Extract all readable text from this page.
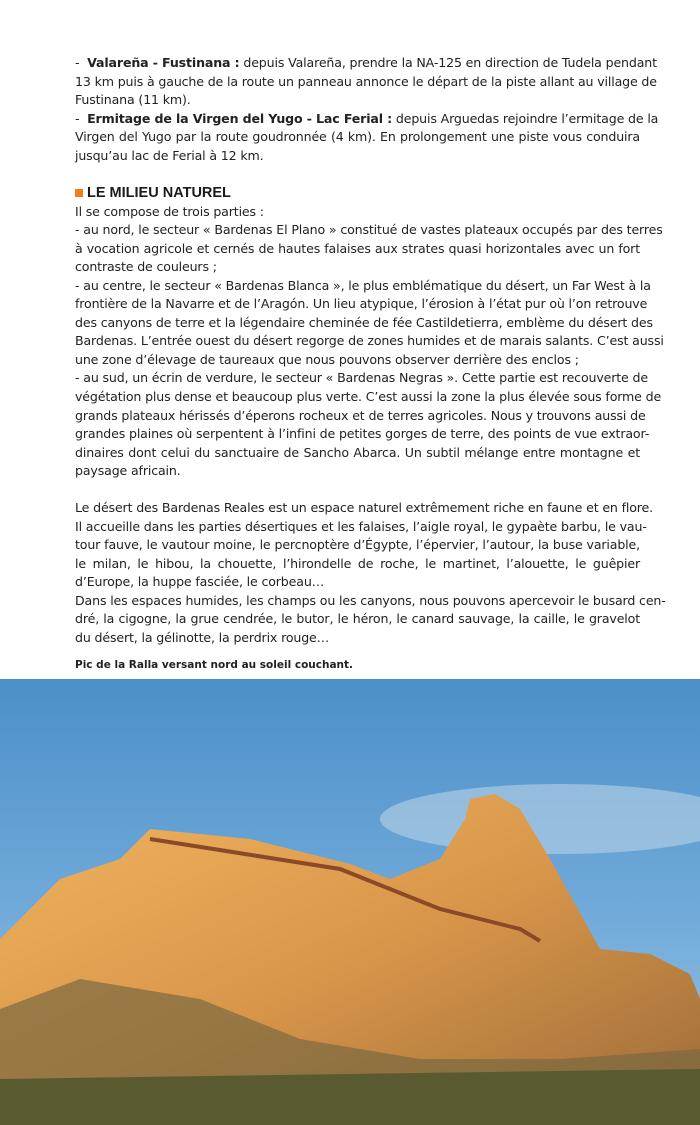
-  Valareña - Fustinana : depuis Valareña, prendre la NA-125 en direction de Tudela pendant
13 km puis à gauche de la route un panneau annonce le départ de la piste allant au village de
Fustinana (11 km).
-  Ermitage de la Virgen del Yugo - Lac Ferial : depuis Arguedas rejoindre l’ermitage de la
Virgen del Yugo par la route goudronnée (4 km). En prolongement une piste vous conduira
jusqu’au lac de Ferial à 12 km.
LE MILIEU NATUREL
Il se compose de trois parties :
- au nord, le secteur « Bardenas El Plano » constitué de vastes plateaux occupés par des terres
à vocation agricole et cernés de hautes falaises aux strates quasi horizontales avec un fort
contraste de couleurs ;
- au centre, le secteur « Bardenas Blanca », le plus emblématique du désert, un Far West à la
frontière de la Navarre et de l’Aragón. Un lieu atypique, l’érosion à l’état pur où l’on retrouve
des canyons de terre et la légendaire cheminée de fée Castildetierra, emblème du désert des
Bardenas. L’entrée ouest du désert regorge de zones humides et de marais salants. C’est aussi
une zone d’élevage de taureaux que nous pouvons observer derrière des enclos ;
- au sud, un écrin de verdure, le secteur « Bardenas Negras ». Cette partie est recouverte de
végétation plus dense et beaucoup plus verte. C’est aussi la zone la plus élevée sous forme de
grands plateaux hérissés d’éperons rocheux et de terres agricoles. Nous y trouvons aussi de
grandes plaines où serpentent à l’infini de petites gorges de terre, des points de vue extraor-
dinaires dont celui du sanctuaire de Sancho Abarca. Un subtil mélange entre montagne et
paysage africain.
Le désert des Bardenas Reales est un espace naturel extrêmement riche en faune et en flore.
Il accueille dans les parties désertiques et les falaises, l’aigle royal, le gypaète barbu, le vau-
tour fauve, le vautour moine, le percnoptère d’Égypte, l’épervier, l’autour, la buse variable,
le milan, le hibou, la chouette, l’hirondelle de roche, le martinet, l’alouette, le guêpier
d’Europe, la huppe fasciée, le corbeau…
Dans les espaces humides, les champs ou les canyons, nous pouvons apercevoir le busard cen-
dré, la cigogne, la grue cendrée, le butor, le héron, le canard sauvage, la caille, le gravelot
du désert, la gélinotte, la perdrix rouge…
Pic de la Ralla versant nord au soleil couchant.
